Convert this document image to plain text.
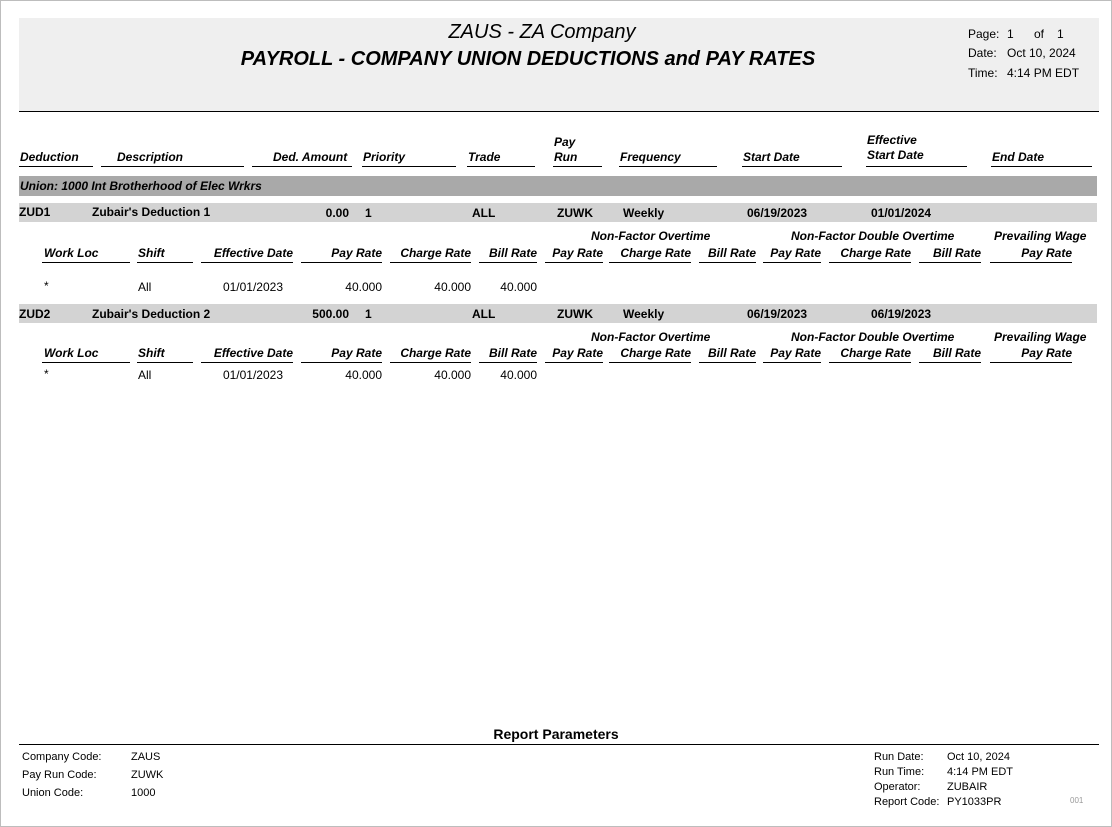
ZAUS - ZA Company
PAYROLL - COMPANY UNION DEDUCTIONS and PAY RATES
Page: 1 of 1
Date: Oct 10, 2024
Time: 4:14 PM EDT
Deduction	Description	Ded. Amount Priority	Trade
Pay
Run	Frequency	Start Date
Effective
Start Date	End Date
Union: 1000 Int Brotherhood of Elec Wrkrs
ZUD1	Zubair's Deduction 1	0.00 1	ALL	ZUWK	Weekly	06/19/2023	01/01/2024
Non-Factor Overtime	Non-Factor Double Overtime	Prevailing Wage
Work Loc	Shift	Effective Date	Pay Rate	Charge Rate	Bill Rate	Pay Rate	Charge Rate	Bill Rate	Pay Rate	Charge Rate	Bill Rate	Pay Rate
*	All	01/01/2023	40.000	40.000	40.000
ZUD2	Zubair's Deduction 2	500.00 1	ALL	ZUWK	Weekly	06/19/2023	06/19/2023
Non-Factor Overtime	Non-Factor Double Overtime	Prevailing Wage
Work Loc	Shift	Effective Date	Pay Rate	Charge Rate	Bill Rate	Pay Rate	Charge Rate	Bill Rate	Pay Rate	Charge Rate	Bill Rate	Pay Rate
*	All	01/01/2023	40.000	40.000	40.000
Report Parameters
Company Code:	ZAUS
Pay Run Code:	ZUWK
Union Code:	1000
Run Date: Oct 10, 2024
Run Time: 4:14 PM EDT
Operator: ZUBAIR
Report Code: PY1033PR	001
